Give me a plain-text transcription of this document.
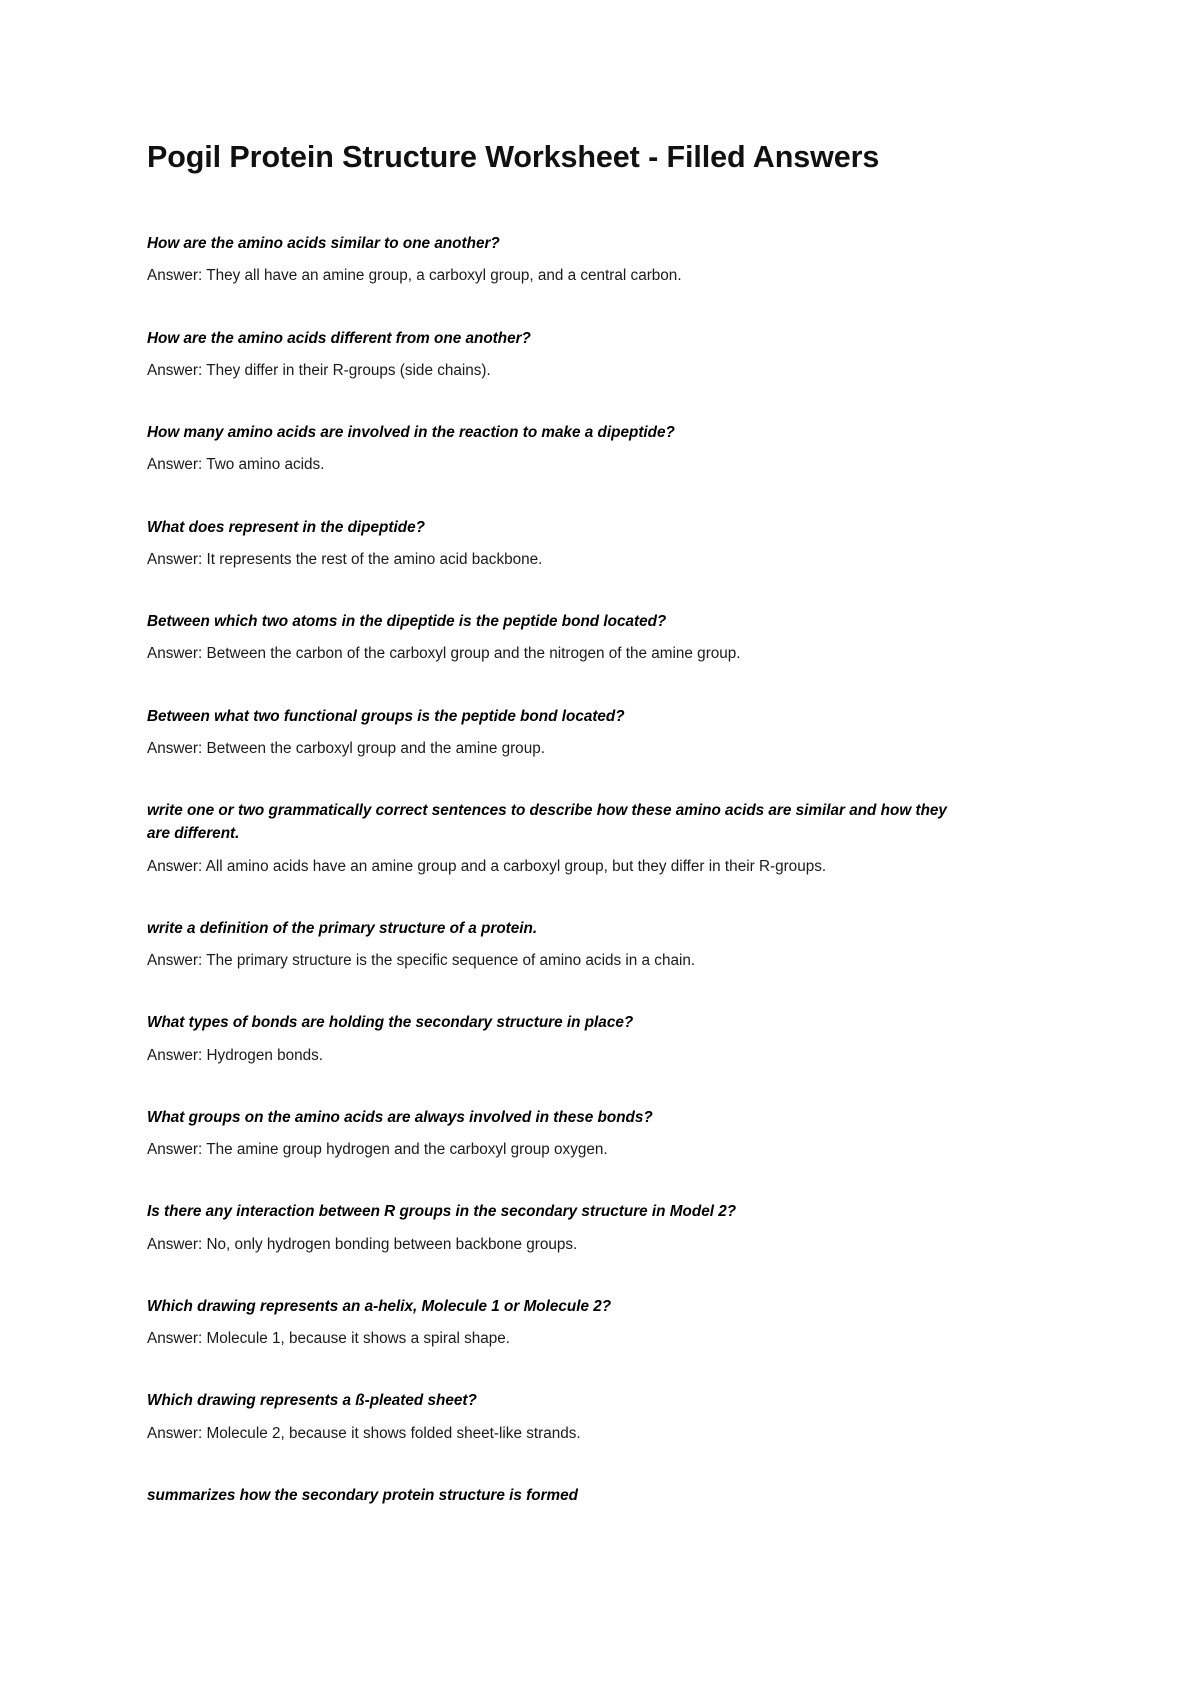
Pogil Protein Structure Worksheet - Filled Answers

How are the amino acids similar to one another?

Answer: They all have an amine group, a carboxyl group, and a central carbon.

How are the amino acids different from one another?

Answer: They differ in their R-groups (side chains).

How many amino acids are involved in the reaction to make a dipeptide?

Answer: Two amino acids.

What does represent in the dipeptide?

Answer: It represents the rest of the amino acid backbone.

Between which two atoms in the dipeptide is the peptide bond located?

Answer: Between the carbon of the carboxyl group and the nitrogen of the amine group.

Between what two functional groups is the peptide bond located?

Answer: Between the carboxyl group and the amine group.

write one or two grammatically correct sentences to describe how these amino acids are similar and how they are different.

Answer: All amino acids have an amine group and a carboxyl group, but they differ in their R-groups.

write a definition of the primary structure of a protein.

Answer: The primary structure is the specific sequence of amino acids in a chain.

What types of bonds are holding the secondary structure in place?

Answer: Hydrogen bonds.

What groups on the amino acids are always involved in these bonds?

Answer: The amine group hydrogen and the carboxyl group oxygen.

Is there any interaction between R groups in the secondary structure in Model 2?

Answer: No, only hydrogen bonding between backbone groups.

Which drawing represents an a-helix, Molecule 1 or Molecule 2?

Answer: Molecule 1, because it shows a spiral shape.

Which drawing represents a ß-pleated sheet?

Answer: Molecule 2, because it shows folded sheet-like strands.

summarizes how the secondary protein structure is formed
